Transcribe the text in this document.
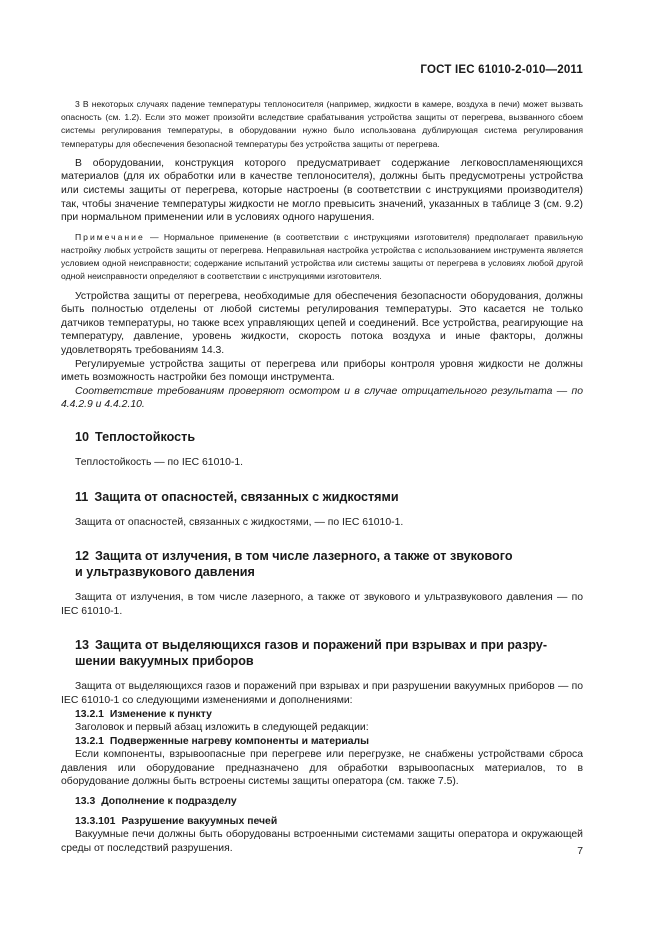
ГОСТ IEC 61010-2-010—2011

3 В некоторых случаях падение температуры теплоносителя (например, жидкости в камере, воздуха в печи) может вызвать опасность (см. 1.2). Если это может произойти вследствие срабатывания устройства защиты от перегрева, вызванного сбоем системы регулирования температуры, в оборудовании нужно было использована дублирующая система регулирования температуры для обеспечения безопасной температуры без устройства защиты от перегрева.

В оборудовании, конструкция которого предусматривает содержание легковоспламеняющихся материалов (для их обработки или в качестве теплоносителя), должны быть предусмотрены устройства или системы защиты от перегрева, которые настроены (в соответствии с инструкциями производителя) так, чтобы значение температуры жидкости не могло превысить значений, указанных в таблице 3 (см. 9.2) при нормальном применении или в условиях одного нарушения.

Примечание — Нормальное применение (в соответствии с инструкциями изготовителя) предполагает правильную настройку любых устройств защиты от перегрева. Неправильная настройка устройства с использованием инструмента является условием одной неисправности; содержание испытаний устройства или системы защиты от перегрева в условиях любой другой одной неисправности определяют в соответствии с инструкциями изготовителя.

Устройства защиты от перегрева, необходимые для обеспечения безопасности оборудования, должны быть полностью отделены от любой системы регулирования температуры. Это касается не только датчиков температуры, но также всех управляющих цепей и соединений. Все устройства, реагирующие на температуру, давление, уровень жидкости, скорость потока воздуха и иные факторы, должны удовлетворять требованиям 14.3.

Регулируемые устройства защиты от перегрева или приборы контроля уровня жидкости не должны иметь возможность настройки без помощи инструмента.

Соответствие требованиям проверяют осмотром и в случае отрицательного результата — по 4.4.2.9 и 4.4.2.10.

10 Теплостойкость

Теплостойкость — по IEC 61010-1.

11 Защита от опасностей, связанных с жидкостями

Защита от опасностей, связанных с жидкостями, — по IEC 61010-1.

12 Защита от излучения, в том числе лазерного, а также от звукового
и ультразвукового давления

Защита от излучения, в том числе лазерного, а также от звукового и ультразвукового давления — по IEC 61010-1.

13 Защита от выделяющихся газов и поражений при взрывах и при разру-
шении вакуумных приборов

Защита от выделяющихся газов и поражений при взрывах и при разрушении вакуумных приборов — по IEC 61010-1 со следующими изменениями и дополнениями:

13.2.1 Изменение к пункту

Заголовок и первый абзац изложить в следующей редакции:

13.2.1 Подверженные нагреву компоненты и материалы

Если компоненты, взрывоопасные при перегреве или перегрузке, не снабжены устройствами сброса давления или оборудование предназначено для обработки взрывоопасных материалов, то в оборудование должны быть встроены системы защиты оператора (см. также 7.5).

13.3 Дополнение к подразделу
13.3.101 Разрушение вакуумных печей

Вакуумные печи должны быть оборудованы встроенными системами защиты оператора и окружающей среды от последствий разрушения.	7
